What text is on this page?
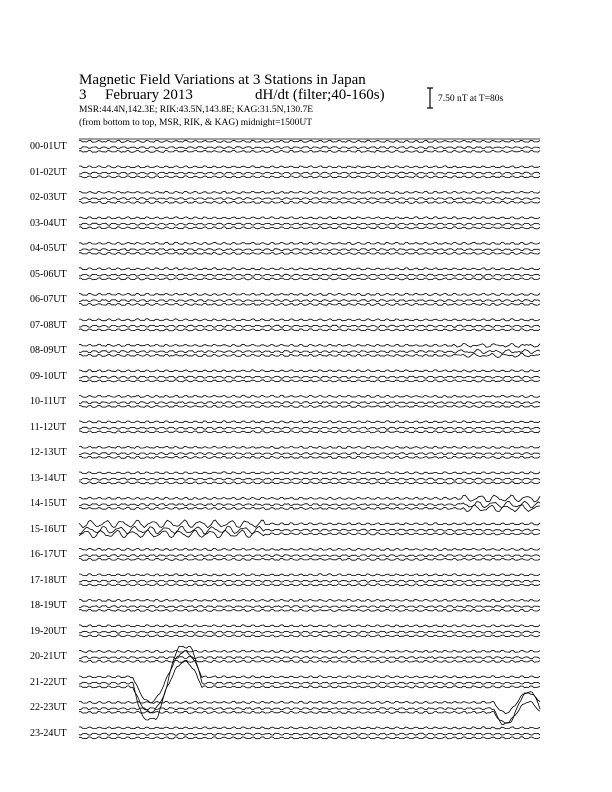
Magnetic Field Variations at 3 Stations in Japan
3 February 2013	dH/dt (filter;40-160s)
MSR:44.4N,142.3E; RIK:43.5N,143.8E; KAG:31.5N,130.7E
(from bottom to top, MSR, RIK, & KAG) midnight=1500UT
7.50 nT at T=80s
00-01UT
01-02UT
02-03UT
03-04UT
04-05UT
05-06UT
06-07UT
07-08UT
08-09UT
09-10UT
10-11UT
11-12UT
12-13UT
13-14UT
14-15UT
15-16UT
16-17UT
17-18UT
18-19UT
19-20UT
20-21UT
21-22UT
22-23UT
23-24UT
